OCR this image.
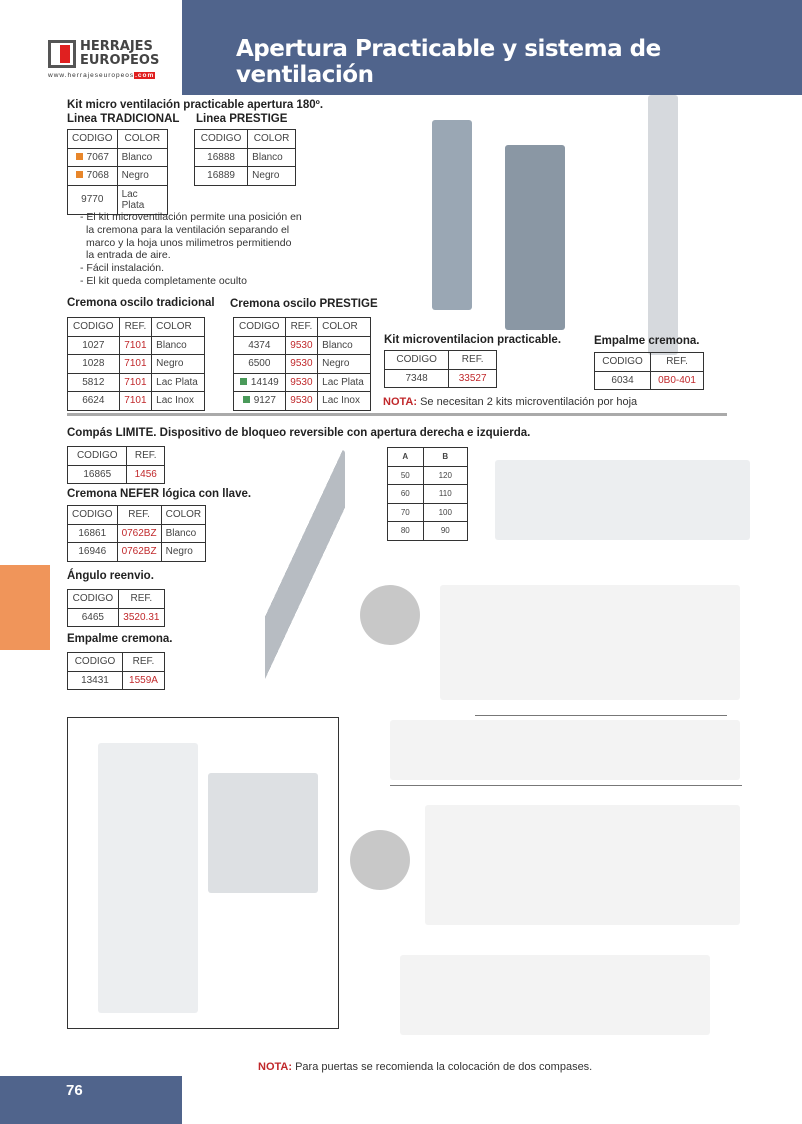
Apertura Practicable y sistema de ventilación
HERRAJES
EUROPEOS
www.herrajeseuropeos.com
Kit micro ventilación practicable apertura 180º.
Linea TRADICIONAL Linea PRESTIGE
CODIGO	COLOR
7067	Blanco
7068	Negro
9770	Lac Plata
CODIGO	COLOR
16888	Blanco
16889	Negro
- El kit microventilación permite una posición en
la cremona para la ventilación separando el
marco y la hoja unos milimetros permitiendo
la entrada de aire.
- Fácil instalación.
- El kit queda completamente oculto
Cremona oscilo tradicional Cremona oscilo PRESTIGE
CODIGO	REF.	COLOR
1027	7101	Blanco
1028	7101	Negro
5812	7101	Lac Plata
6624	7101	Lac Inox
CODIGO	REF.	COLOR
4374	9530	Blanco
6500	9530	Negro
14149	9530	Lac Plata
9127	9530	Lac Inox
Kit microventilacion practicable.
CODIGO	REF.
7348	33527
Empalme cremona.
CODIGO	REF.
6034	0B0-401
NOTA: Se necesitan 2 kits microventilación por hoja
Compás LIMITE. Dispositivo de bloqueo reversible con apertura derecha e izquierda.
CODIGO	REF.
16865	1456
Cremona NEFER lógica con llave.
CODIGO	REF.	COLOR
16861	0762BZ	Blanco
16946	0762BZ	Negro
Ángulo reenvio.
CODIGO	REF.
6465	3520.31
Empalme cremona.
CODIGO	REF.
13431	1559A
A	B
50	120
60	110
70	100
80	90
NOTA: Para puertas se recomienda la colocación de dos compases.
76
